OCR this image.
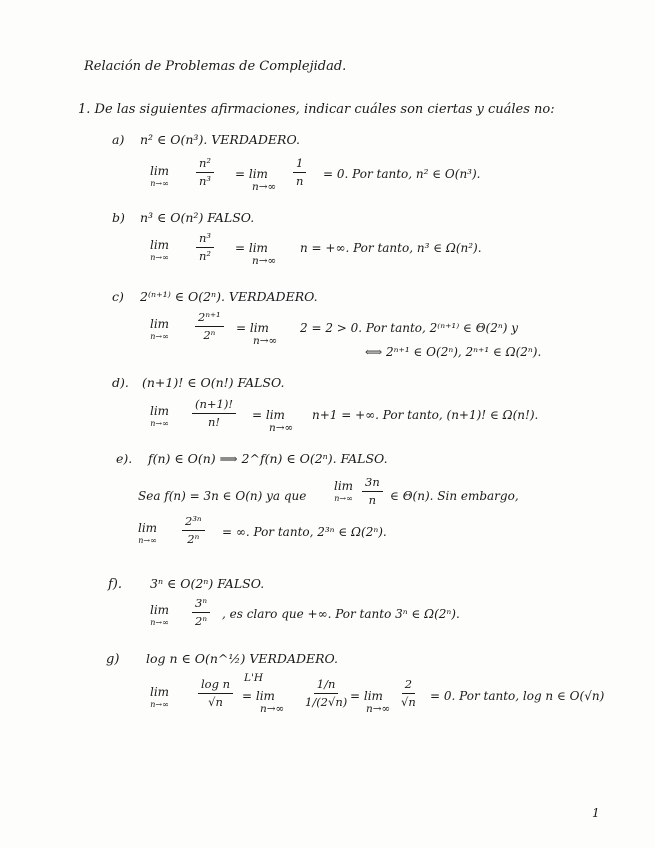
Relación de Problemas de Complejidad.
1. De las siguientes afirmaciones, indicar cuáles son ciertas y cuáles no:
a) n² ∈ O(n³). VERDADERO.
lim
$n\to\infty \frac{\text{n²}}{\text{n³}} = \lim$
$n\to\infty \frac{1}{n} = 0$. Por tanto, n² ∈ O(n³).
b) n³ ∈ O(n²) FALSO.
lim
$n\to\infty \frac{\text{n³}}{\text{n²}} = \lim$
n→∞
n = +∞. Por tanto, n³ ∈ Ω(n²).
c) 2⁽ⁿ⁺¹⁾ ∈ O(2ⁿ). VERDADERO.
lim
$n\to\infty \frac{\text{2ⁿ⁺¹}}{\text{2ⁿ}} = \lim$
n→∞
2 = 2 > 0. Por tanto, 2⁽ⁿ⁺¹⁾ ∈ Θ(2ⁿ) y
⟺ 2ⁿ⁺¹ ∈ O(2ⁿ), 2ⁿ⁺¹ ∈ Ω(2ⁿ).
d). (n+1)! ∈ O(n!) FALSO.
lim
$n\to\infty \frac{(n+1)!}{n!} = \lim$
n→∞
n+1 = +∞. Por tanto, (n+1)! ∈ Ω(n!).
e). f(n) ∈ O(n) ⟹ 2^f(n) ∈ O(2ⁿ). FALSO.
Sea f(n) = 3n ∈ O(n) ya que
lim
$n\to\infty \frac{3n}{n}$ ∈ Θ(n). Sin embargo,
lim
$n\to\infty \frac{\text{2³ⁿ}}{\text{2ⁿ}}$ = ∞. Por tanto, 2³ⁿ ∈ Ω(2ⁿ).
f). 3ⁿ ∈ O(2ⁿ) FALSO.
lim
$n\to\infty \frac{\text{3ⁿ}}{\text{2ⁿ}}$ , es claro que +∞. Por tanto 3ⁿ ∈ Ω(2ⁿ).
g) log n ∈ O(n^½) VERDADERO.
lim
n→∞	$\frac{\text{log n}}{√n} L'H$
= lim
$n\to\infty \frac{1/n}{1/(2√n)} = \lim$
$n\to\infty \frac{2}{√n} = 0$. Por tanto, log n ∈ O(√n)
1
